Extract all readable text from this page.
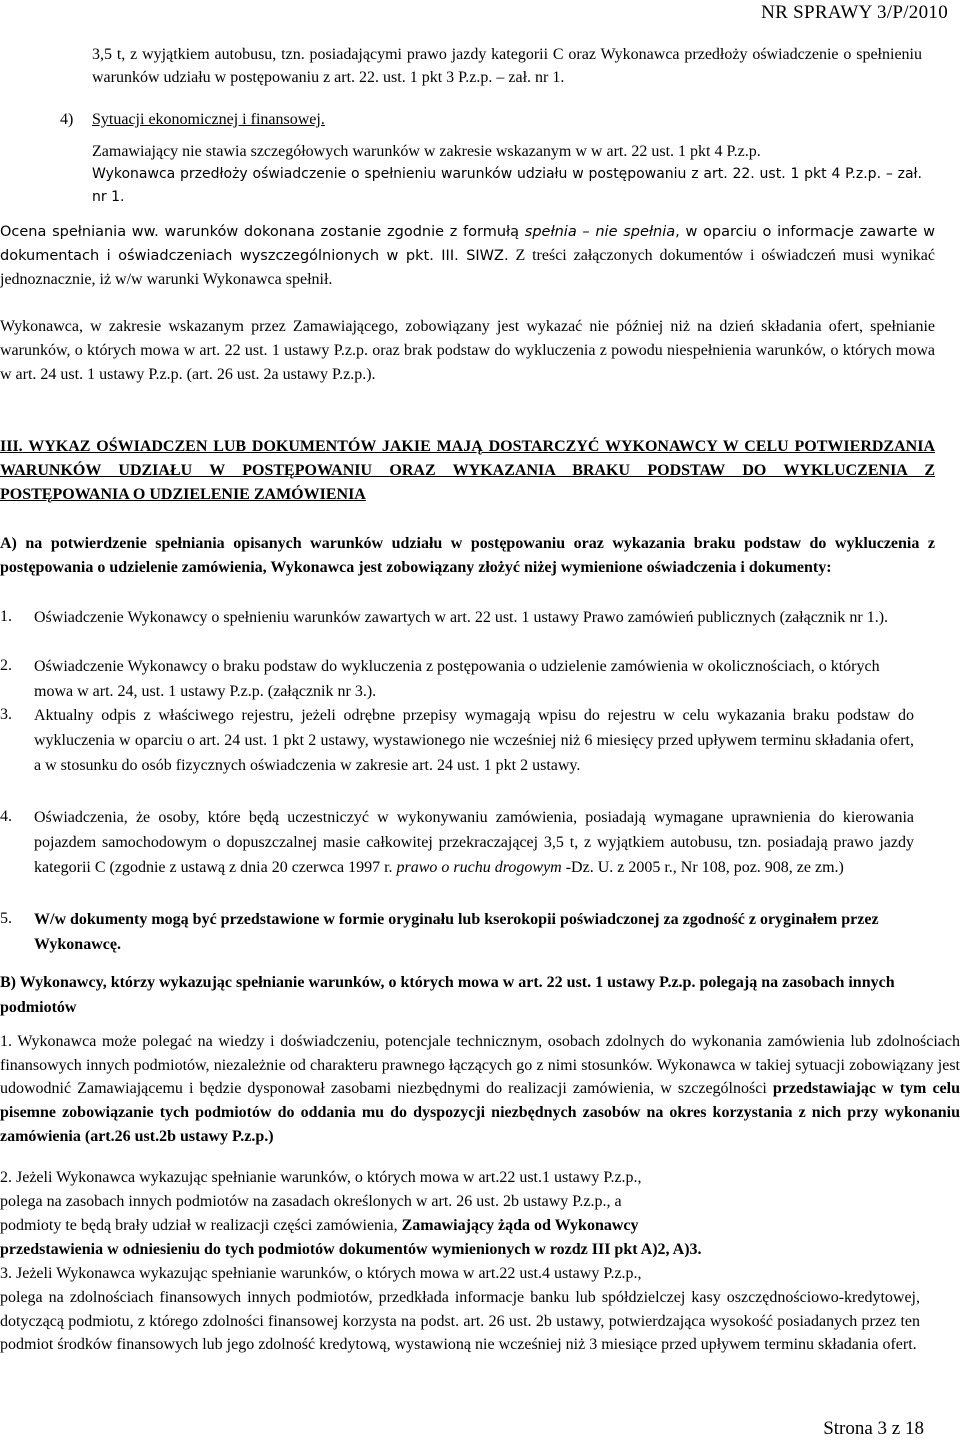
NR SPRAWY 3/P/2010

3,5 t, z wyjątkiem autobusu, tzn. posiadającymi prawo jazdy kategorii C oraz Wykonawca przedłoży oświadczenie o spełnieniu warunków udziału w postępowaniu z art. 22. ust. 1 pkt 3 P.z.p. – zał. nr 1.

4) Sytuacji ekonomicznej i finansowej.

Zamawiający nie stawia szczegółowych warunków w zakresie wskazanym w w art. 22 ust. 1 pkt 4 P.z.p.

Wykonawca przedłoży oświadczenie o spełnieniu warunków udziału w postępowaniu z art. 22. ust. 1 pkt 4 P.z.p. – zał. nr 1.

Ocena spełniania ww. warunków dokonana zostanie zgodnie z formułą spełnia – nie spełnia, w oparciu o informacje zawarte w dokumentach i oświadczeniach wyszczególnionych w pkt. III. SIWZ. Z treści załączonych dokumentów i oświadczeń musi wynikać jednoznacznie, iż w/w warunki Wykonawca spełnił.

Wykonawca, w zakresie wskazanym przez Zamawiającego, zobowiązany jest wykazać nie później niż na dzień składania ofert, spełnianie warunków, o których mowa w art. 22 ust. 1 ustawy P.z.p. oraz brak podstaw do wykluczenia z powodu niespełnienia warunków, o których mowa w art. 24 ust. 1 ustawy P.z.p. (art. 26 ust. 2a ustawy P.z.p.).

III. WYKAZ OŚWIADCZEN LUB DOKUMENTÓW JAKIE MAJĄ DOSTARCZYĆ WYKONAWCY W CELU POTWIERDZANIA WARUNKÓW UDZIAŁU W POSTĘPOWANIU ORAZ WYKAZANIA BRAKU PODSTAW DO WYKLUCZENIA Z POSTĘPOWANIA O UDZIELENIE ZAMÓWIENIA

A) na potwierdzenie spełniania opisanych warunków udziału w postępowaniu oraz wykazania braku podstaw do wykluczenia z postępowania o udzielenie zamówienia, Wykonawca jest zobowiązany złożyć niżej wymienione oświadczenia i dokumenty:

1. Oświadczenie Wykonawcy o spełnieniu warunków zawartych w art. 22 ust. 1 ustawy Prawo zamówień publicznych (załącznik nr 1.).

2. Oświadczenie Wykonawcy o braku podstaw do wykluczenia z postępowania o udzielenie zamówienia w okolicznościach, o których mowa w art. 24, ust. 1 ustawy P.z.p. (załącznik nr 3.).

3. Aktualny odpis z właściwego rejestru, jeżeli odrębne przepisy wymagają wpisu do rejestru w celu wykazania braku podstaw do wykluczenia w oparciu o art. 24 ust. 1 pkt 2 ustawy, wystawionego nie wcześniej niż 6 miesięcy przed upływem terminu składania ofert, a w stosunku do osób fizycznych oświadczenia w zakresie art. 24 ust. 1 pkt 2 ustawy.

4. Oświadczenia, że osoby, które będą uczestniczyć w wykonywaniu zamówienia, posiadają wymagane uprawnienia do kierowania pojazdem samochodowym o dopuszczalnej masie całkowitej przekraczającej 3,5 t, z wyjątkiem autobusu, tzn. posiadają prawo jazdy kategorii C (zgodnie z ustawą z dnia 20 czerwca 1997 r. prawo o ruchu drogowym -Dz. U. z 2005 r., Nr 108, poz. 908, ze zm.)

5. W/w dokumenty mogą być przedstawione w formie oryginału lub kserokopii poświadczonej za zgodność z oryginałem przez Wykonawcę.

B) Wykonawcy, którzy wykazując spełnianie warunków, o których mowa w art. 22 ust. 1 ustawy P.z.p. polegają na zasobach innych podmiotów

1. Wykonawca może polegać na wiedzy i doświadczeniu, potencjale technicznym, osobach zdolnych do wykonania zamówienia lub zdolnościach finansowych innych podmiotów, niezależnie od charakteru prawnego łączących go z nimi stosunków. Wykonawca w takiej sytuacji zobowiązany jest udowodnić Zamawiającemu i będzie dysponował zasobami niezbędnymi do realizacji zamówienia, w szczególności przedstawiając w tym celu pisemne zobowiązanie tych podmiotów do oddania mu do dyspozycji niezbędnych zasobów na okres korzystania z nich przy wykonaniu zamówienia (art.26 ust.2b ustawy P.z.p.)

2. Jeżeli Wykonawca wykazując spełnianie warunków, o których mowa w art.22 ust.1 ustawy P.z.p.,

polega na zasobach innych podmiotów na zasadach określonych w art. 26 ust. 2b ustawy P.z.p., a

podmioty te będą brały udział w realizacji części zamówienia, Zamawiający żąda od Wykonawcy

przedstawienia w odniesieniu do tych podmiotów dokumentów wymienionych w rozdz III pkt A)2, A)3.

3. Jeżeli Wykonawca wykazując spełnianie warunków, o których mowa w art.22 ust.4 ustawy P.z.p.,

polega na zdolnościach finansowych innych podmiotów, przedkłada informacje banku lub spółdzielczej kasy oszczędnościowo-kredytowej, dotyczącą podmiotu, z którego zdolności finansowej korzysta na podst. art. 26 ust. 2b ustawy, potwierdzająca wysokość posiadanych przez ten podmiot środków finansowych lub jego zdolność kredytową, wystawioną nie wcześniej niż 3 miesiące przed upływem terminu składania ofert.

Strona 3 z 18
